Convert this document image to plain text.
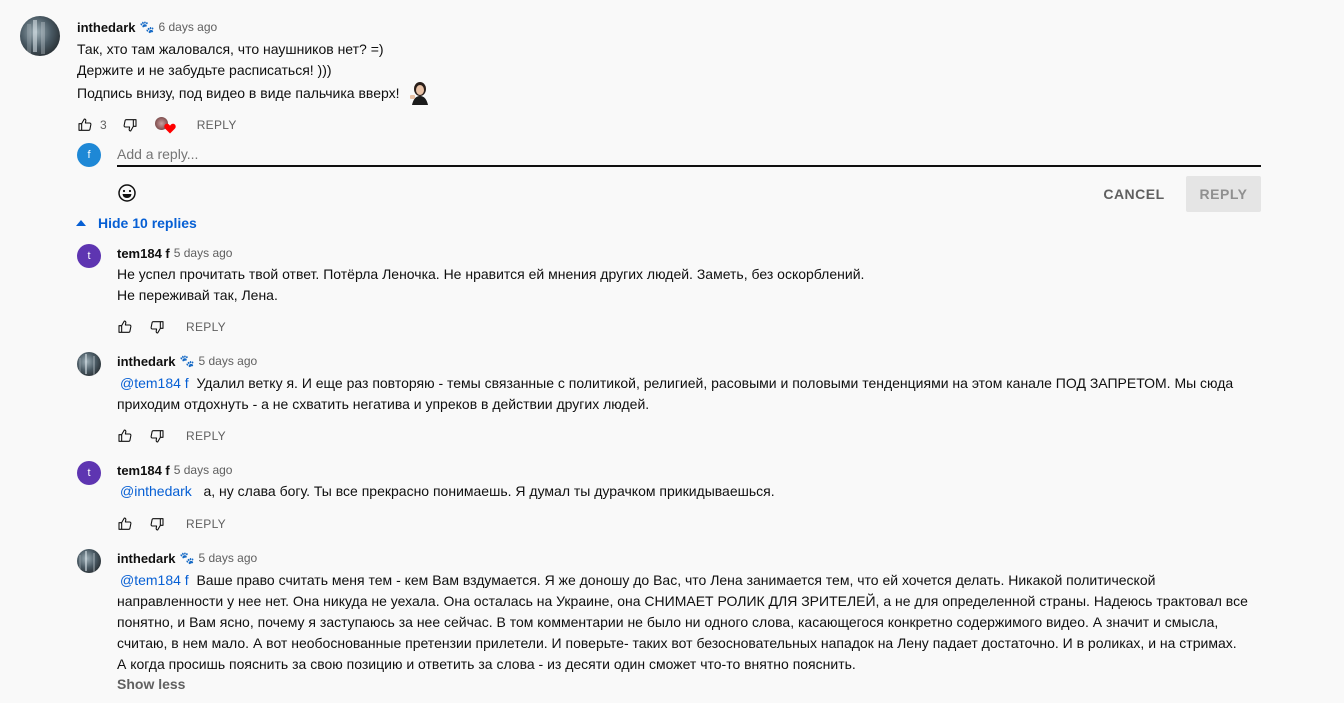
inthedark 🐾 6 days ago
Так, хто там жаловался, что наушников нет? =)
Держите и не забудьте расписаться! )))
Подпись внизу, под видео в виде пальчика вверх!
3	REPLY
f
Add a reply...
CANCEL	REPLY
Hide 10 replies
t tem184 f 5 days ago
Не успел прочитать твой ответ. Потёрла Леночка. Не нравится ей мнения других людей. Заметь, без оскорблений.
Не переживай так, Лена.
REPLY
inthedark 🐾 5 days ago
@tem184 f Удалил ветку я. И еще раз повторяю - темы связанные с политикой, религией, расовыми и половыми тенденциями на этом канале ПОД ЗАПРЕТОМ. Мы сюда
приходим отдохнуть - а не схватить негатива и упреков в действии других людей.
REPLY
t tem184 f 5 days ago
@inthedark а, ну слава богу. Ты все прекрасно понимаешь. Я думал ты дурачком прикидываешься.
REPLY
inthedark 🐾 5 days ago
@tem184 f Ваше право считать меня тем - кем Вам вздумается. Я же доношу до Вас, что Лена занимается тем, что ей хочется делать. Никакой политической
направленности у нее нет. Она никуда не уехала. Она осталась на Украине, она СНИМАЕТ РОЛИК ДЛЯ ЗРИТЕЛЕЙ, а не для определенной страны. Надеюсь трактовал все
понятно, и Вам ясно, почему я заступаюсь за нее сейчас. В том комментарии не было ни одного слова, касающегося конкретно содержимого видео. А значит и смысла,
считаю, в нем мало. А вот необоснованные претензии прилетели. И поверьте- таких вот безосновательных нападок на Лену падает достаточно. И в роликах, и на стримах.
А когда просишь пояснить за свою позицию и ответить за слова - из десяти один сможет что-то внятно пояснить.
Show less
